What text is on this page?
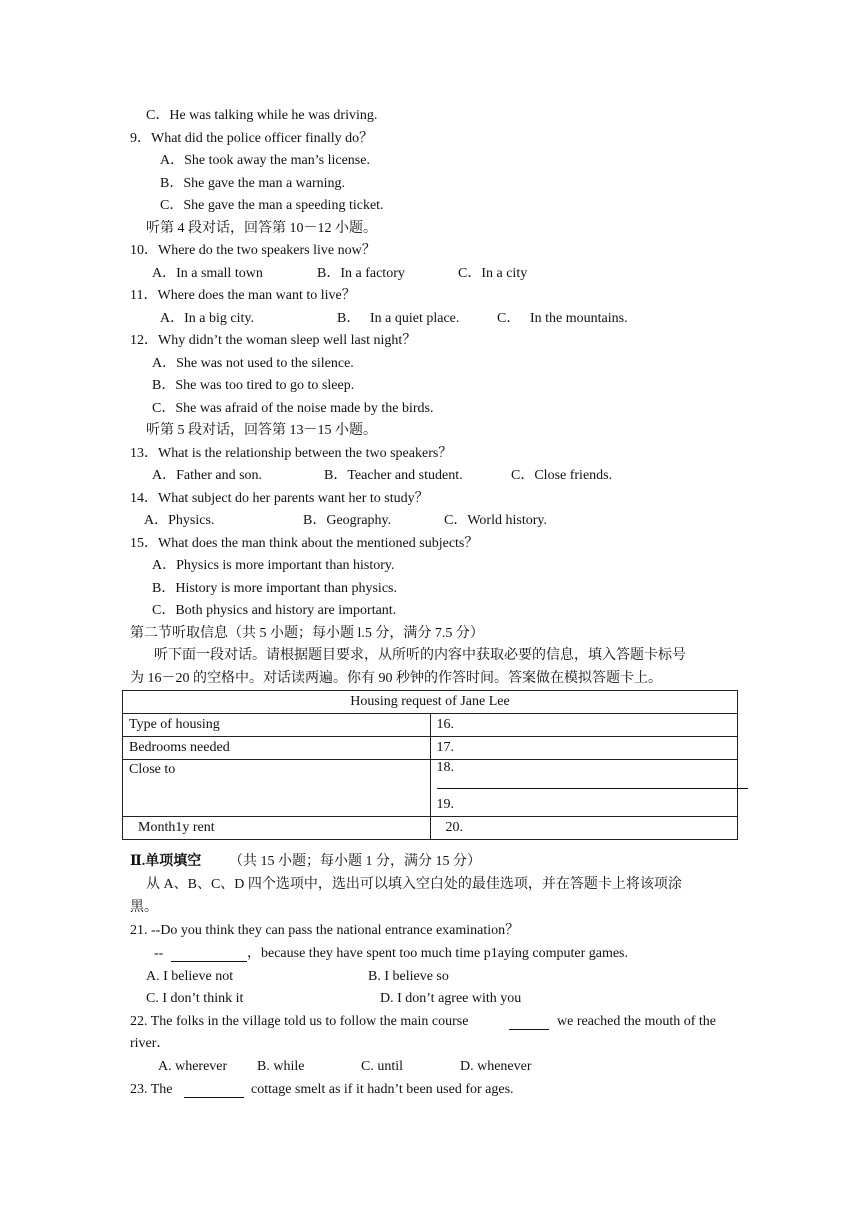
C．He was talking while he was driving.
9．What did the police officer finally do？
A．She took away the man’s license.
B．She gave the man a warning.
C．She gave the man a speeding ticket.
听第 4 段对话，回答第 10－12 小题。
10．Where do the two speakers live now？
A．In a small town	B．In a factory	C．In a city
11．Where does the man want to live？
A．In a big city.	B． In a quiet place.	C． In the mountains.
12．Why didn’t the woman sleep well last night？
A．She was not used to the silence.
B．She was too tired to go to sleep.
C．She was afraid of the noise made by the birds.
听第 5 段对话，回答第 13－15 小题。
13．What is the relationship between the two speakers？
A．Father and son.	B．Teacher and student.	C．Close friends.
14．What subject do her parents want her to study？
A．Physics.	B．Geography.	C．World history.
15．What does the man think about the mentioned subjects？
A．Physics is more important than history.
B．History is more important than physics.
C．Both physics and history are important.
第二节听取信息（共 5 小题；每小题 l.5 分，满分 7.5 分）
听下面一段对话。请根据题目要求，从所听的内容中获取必要的信息，填入答题卡标号
为 16－20 的空格中。对话读两遍。你有 90 秒钟的作答时间。答案做在模拟答题卡上。
Housing request of Jane Lee	
Type of housing	16.
Bedrooms needed	17.
Close to	18.
	19.
Month1y rent	20.
Ⅱ.单项填空 （共 15 小题；每小题 1 分，满分 15 分）
从 A、B、C、D 四个选项中，选出可以填入空白处的最佳选项，并在答题卡上将该项涂
黑。
21. --Do you think they can pass the national entrance examination？
--	，because they have spent too much time p1aying computer games.
A. I believe not	B. I believe so
C. I don’t think it	D. I don’t agree with you
22. The folks in the village told us to follow the main course	we reached the mouth of the
river．
A. wherever B. while	C. until	D. whenever
23. The	cottage smelt as if it hadn’t been used for ages.
